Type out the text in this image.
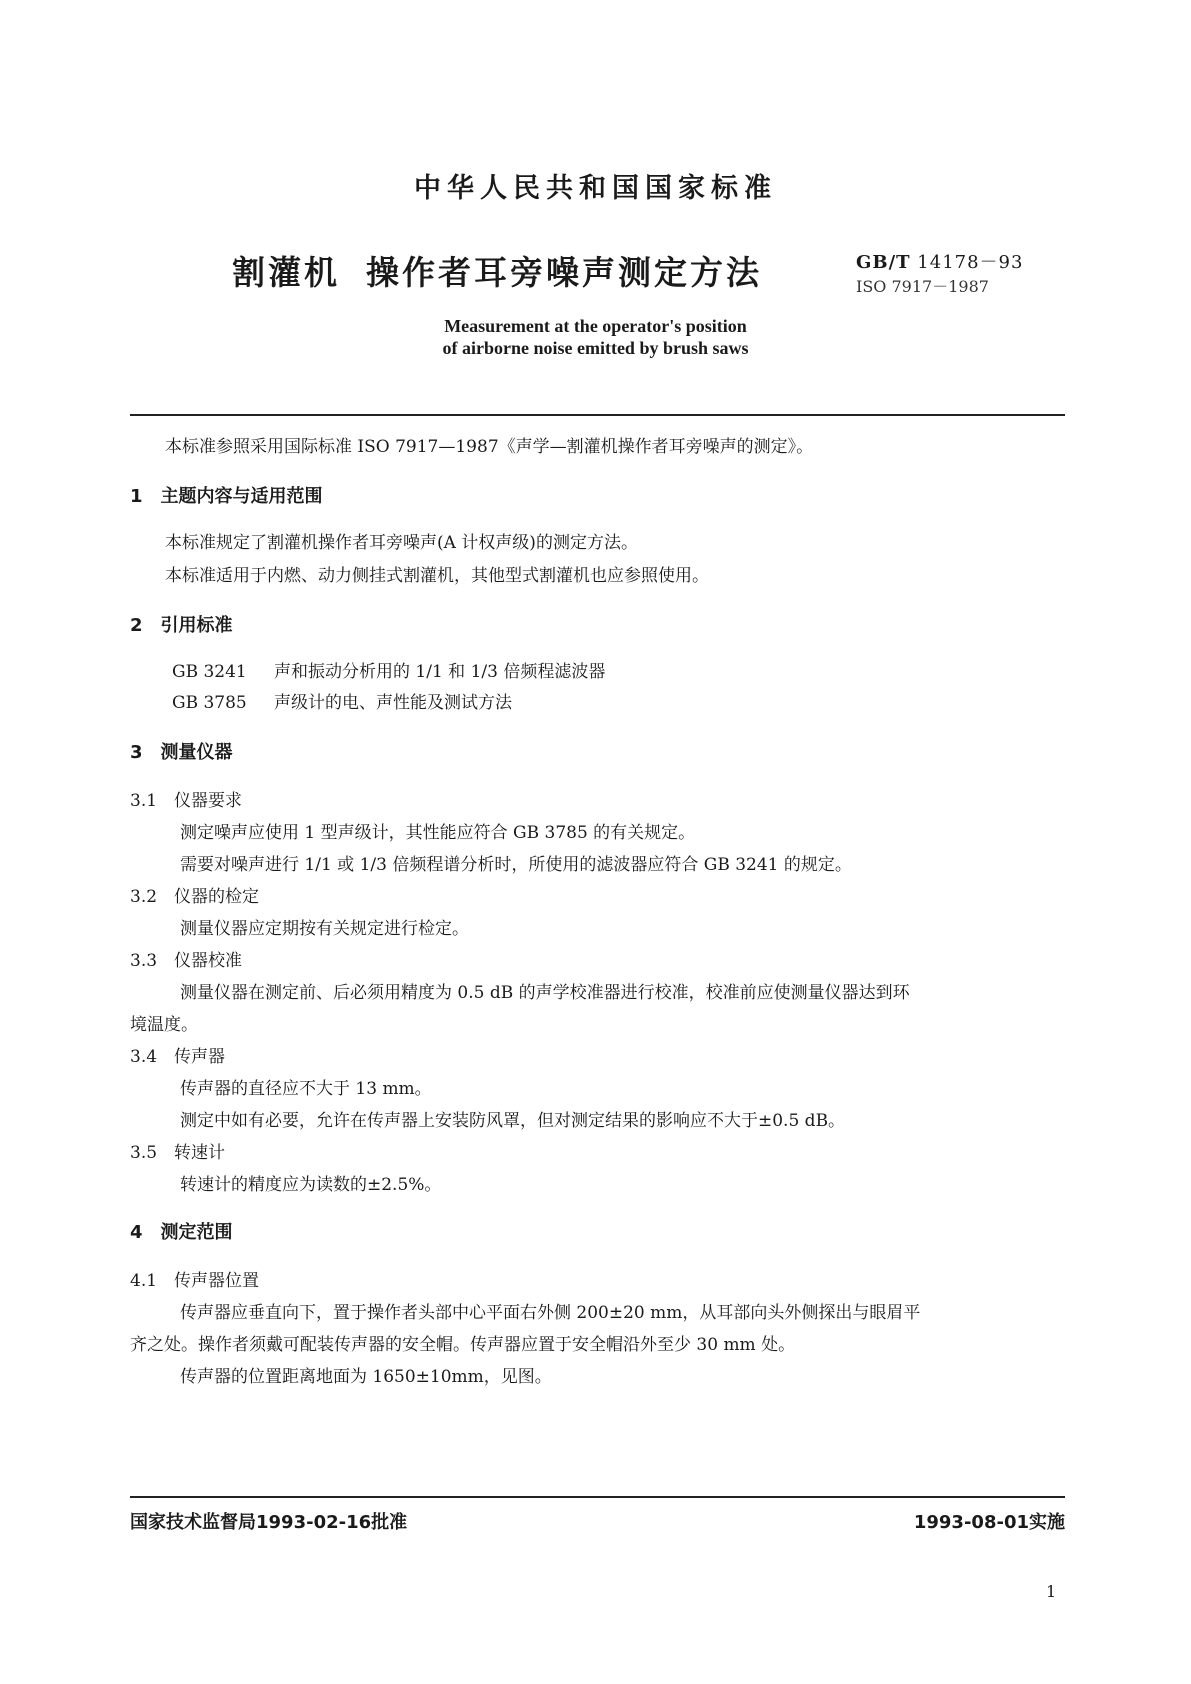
中华人民共和国国家标准
割灌机 操作者耳旁噪声测定方法	GB/T 14178－93
ISO 7917－1987
Measurement at the operator's position
of airborne noise emitted by brush saws
本标准参照采用国际标准 ISO 7917—1987《声学—割灌机操作者耳旁噪声的测定》。
1　主题内容与适用范围
本标准规定了割灌机操作者耳旁噪声(A 计权声级)的测定方法。
本标准适用于内燃、动力侧挂式割灌机，其他型式割灌机也应参照使用。
2　引用标准
GB 3241 声和振动分析用的 1/1 和 1/3 倍频程滤波器
GB 3785 声级计的电、声性能及测试方法
3　测量仪器
3.1　仪器要求
测定噪声应使用 1 型声级计，其性能应符合 GB 3785 的有关规定。
需要对噪声进行 1/1 或 1/3 倍频程谱分析时，所使用的滤波器应符合 GB 3241 的规定。
3.2　仪器的检定
测量仪器应定期按有关规定进行检定。
3.3　仪器校准
测量仪器在测定前、后必须用精度为 0.5 dB 的声学校准器进行校准，校准前应使测量仪器达到环
境温度。
3.4　传声器
传声器的直径应不大于 13 mm。
测定中如有必要，允许在传声器上安装防风罩，但对测定结果的影响应不大于±0.5 dB。
3.5　转速计
转速计的精度应为读数的±2.5%。
4　测定范围
4.1　传声器位置
传声器应垂直向下，置于操作者头部中心平面右外侧 200±20 mm，从耳部向头外侧探出与眼眉平
齐之处。操作者须戴可配装传声器的安全帽。传声器应置于安全帽沿外至少 30 mm 处。
传声器的位置距离地面为 1650±10mm，见图。
国家技术监督局1993-02-16批准	1993-08-01实施
1
